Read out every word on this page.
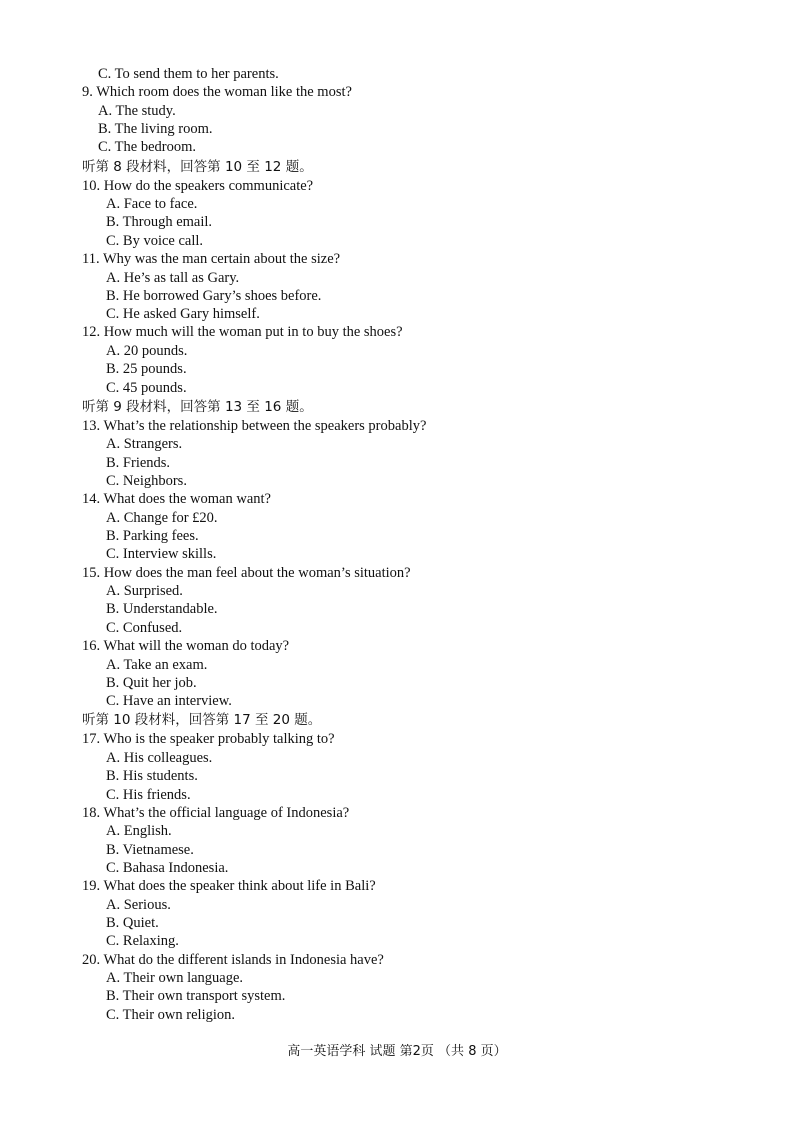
C. To send them to her parents.
9. Which room does the woman like the most?
A. The study.
B. The living room.
C. The bedroom.
听第 8 段材料，回答第 10 至 12 题。
10. How do the speakers communicate?
A. Face to face.
B. Through email.
C. By voice call.
11. Why was the man certain about the size?
A. He’s as tall as Gary.
B. He borrowed Gary’s shoes before.
C. He asked Gary himself.
12. How much will the woman put in to buy the shoes?
A. 20 pounds.
B. 25 pounds.
C. 45 pounds.
听第 9 段材料，回答第 13 至 16 题。
13. What’s the relationship between the speakers probably?
A. Strangers.
B. Friends.
C. Neighbors.
14. What does the woman want?
A. Change for £20.
B. Parking fees.
C. Interview skills.
15. How does the man feel about the woman’s situation?
A. Surprised.
B. Understandable.
C. Confused.
16. What will the woman do today?
A. Take an exam.
B. Quit her job.
C. Have an interview.
听第 10 段材料，回答第 17 至 20 题。
17. Who is the speaker probably talking to?
A. His colleagues.
B. His students.
C. His friends.
18. What’s the official language of Indonesia?
A. English.
B. Vietnamese.
C. Bahasa Indonesia.
19. What does the speaker think about life in Bali?
A. Serious.
B. Quiet.
C. Relaxing.
20. What do the different islands in Indonesia have?
A. Their own language.
B. Their own transport system.
C. Their own religion.
高一英语学科 试题 第2页 （共 8 页）
